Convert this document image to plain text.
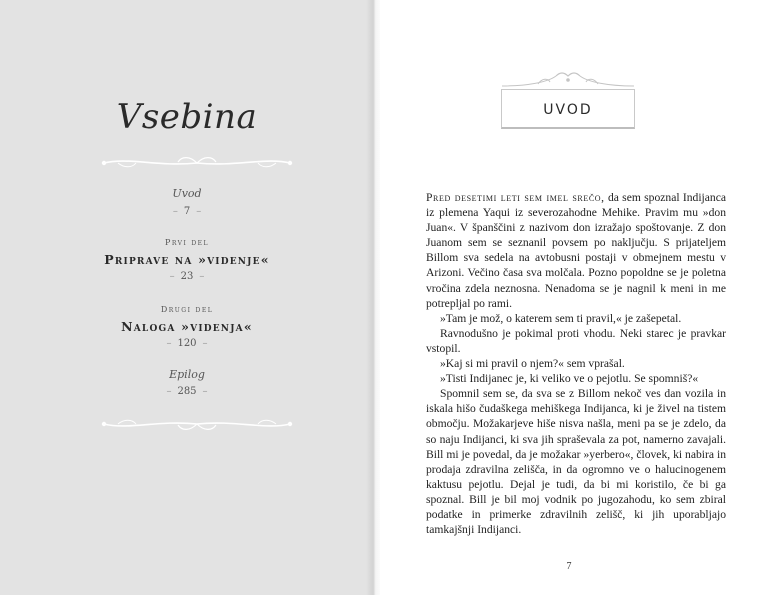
Vsebina
Uvod
– 7 –
Prvi del
Priprave na »videnje«
– 23 –
Drugi del
Naloga »videnja«
– 120 –
Epilog
– 285 –
UVOD

Pred desetimi leti sem imel srečo, da sem spoznal Indijanca iz plemena Yaqui iz severozahodne Mehike. Pravim mu »don Juan«. V španščini z nazivom don izražajo spoštovanje. Z don Juanom sem se seznanil povsem po naključju. S prijateljem Billom sva sedela na avtobusni postaji v obmejnem mestu v Arizoni. Večino časa sva molčala. Pozno popoldne se je poletna vročina zdela neznosna. Nenadoma se je nagnil k meni in me potrepljal po rami.

»Tam je mož, o katerem sem ti pravil,« je zašepetal.

Ravnodušno je pokimal proti vhodu. Neki starec je pravkar vstopil.

»Kaj si mi pravil o njem?« sem vprašal.

»Tisti Indijanec je, ki veliko ve o pejotlu. Se spomniš?«

Spomnil sem se, da sva se z Billom nekoč ves dan vozila in iskala hišo čudaškega mehiškega Indijanca, ki je živel na tistem območju. Možakarjeve hiše nisva našla, meni pa se je zdelo, da so naju Indijanci, ki sva jih spraševala za pot, namerno zavajali. Bill mi je povedal, da je možakar »yerbero«, človek, ki nabira in prodaja zdravilna zelišča, in da ogromno ve o halucinogenem kaktusu pejotlu. Dejal je tudi, da bi mi koristilo, če bi ga spoznal. Bill je bil moj vodnik po jugozahodu, ko sem zbiral podatke in primerke zdravilnih zelišč, ki jih uporabljajo tamkajšnji Indijanci.

7
